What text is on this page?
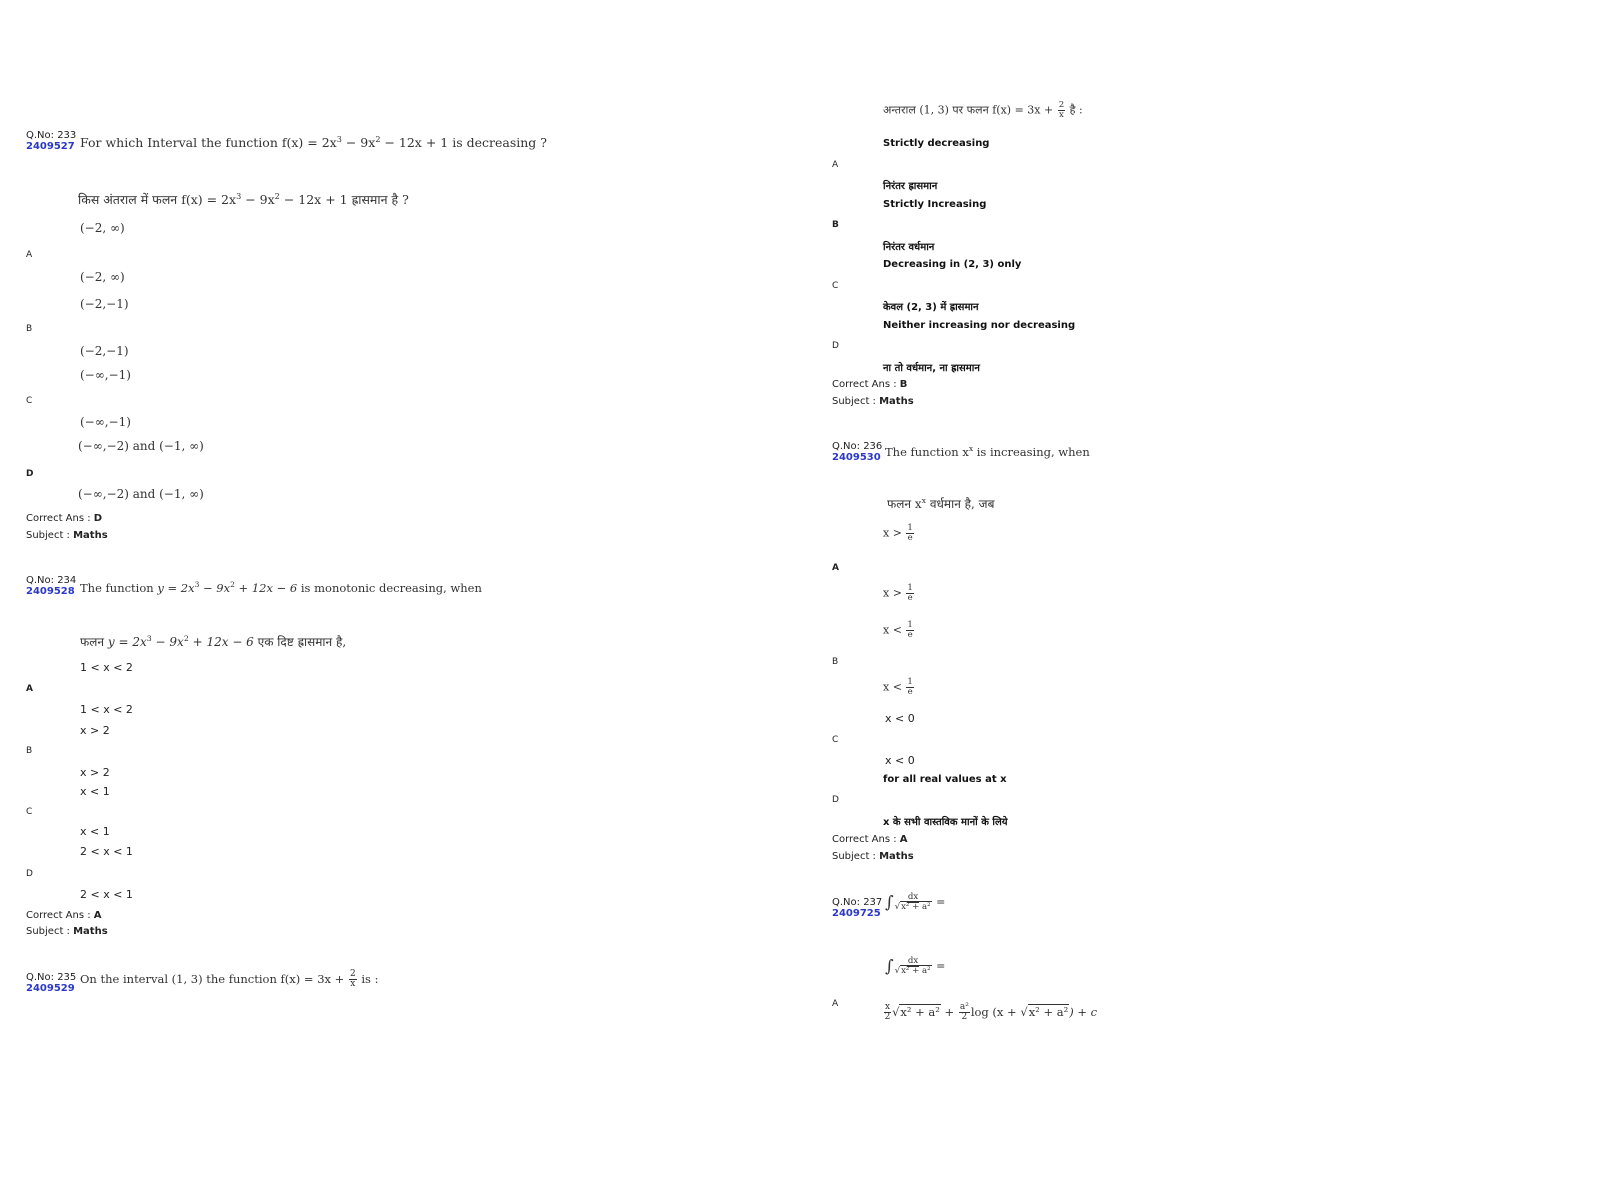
Q.No: 233
2409527 For which Interval the function $f(x) = 2x^3 - 9x^2 - 12x + 1$ is decreasing ?
किस अंतराल में फलन $f(x) = 2x^3 - 9x^2 - 12x + 1$ ह्रासमान है ?
(−2, ∞)
A
(−2, ∞)
(−2,−1)
B
(−2,−1)
(−∞,−1)
C
(−∞,−1)
(−∞,−2) and (−1, ∞)
D
(−∞,−2) and (−1, ∞)
Correct Ans : D
Subject : Maths
Q.No: 234
2409528 The function $y = 2x^3 - 9x^2 + 12x - 6$ is monotonic decreasing, when
फलन $y = 2x^3 - 9x^2 + 12x - 6$ एक दिष्ट ह्रासमान है,
1 < x < 2
A
1 < x < 2
x > 2
B
x > 2
x < 1
C
x < 1
2 < x < 1
D
2 < x < 1
Correct Ans : A
Subject : Maths
Q.No: 235
2409529
On the interval (1, 3) the function $f(x) = 3x + \frac{2}{x}$ is :
अन्तराल (1, 3) पर फलन $f(x) = 3x + \frac{2}{x}$ है :
Strictly decreasing
A
निरंतर ह्रासमान
Strictly Increasing
B
निरंतर वर्धमान
Decreasing in (2, 3) only
C
केवल (2, 3) में ह्रासमान
Neither increasing nor decreasing
D
ना तो वर्धमान, ना ह्रासमान
Correct Ans : B
Subject : Maths
Q.No: 236
2409530 The function $x^x$ is increasing, when
फलन $x^x$ वर्धमान है, जब
$x > \frac{1}{e}$
A
$x > \frac{1}{e}$
$x < \frac{1}{e}$
B
$x < \frac{1}{e}$
x < 0
C
x < 0
for all real values at x
D
x के सभी वास्तविक मानों के लिये
Correct Ans : A
Subject : Maths
Q.No: 237
2409725
∫ $\frac{dx}{\text{√x² + a²}}$ =
∫ $\frac{dx}{\text{√x² + a²}}$ =
A	$\frac{x}{2} √x^2 + a^2 + \frac{\text{a²}}{2}$ log (x + √x² + a²) + c
